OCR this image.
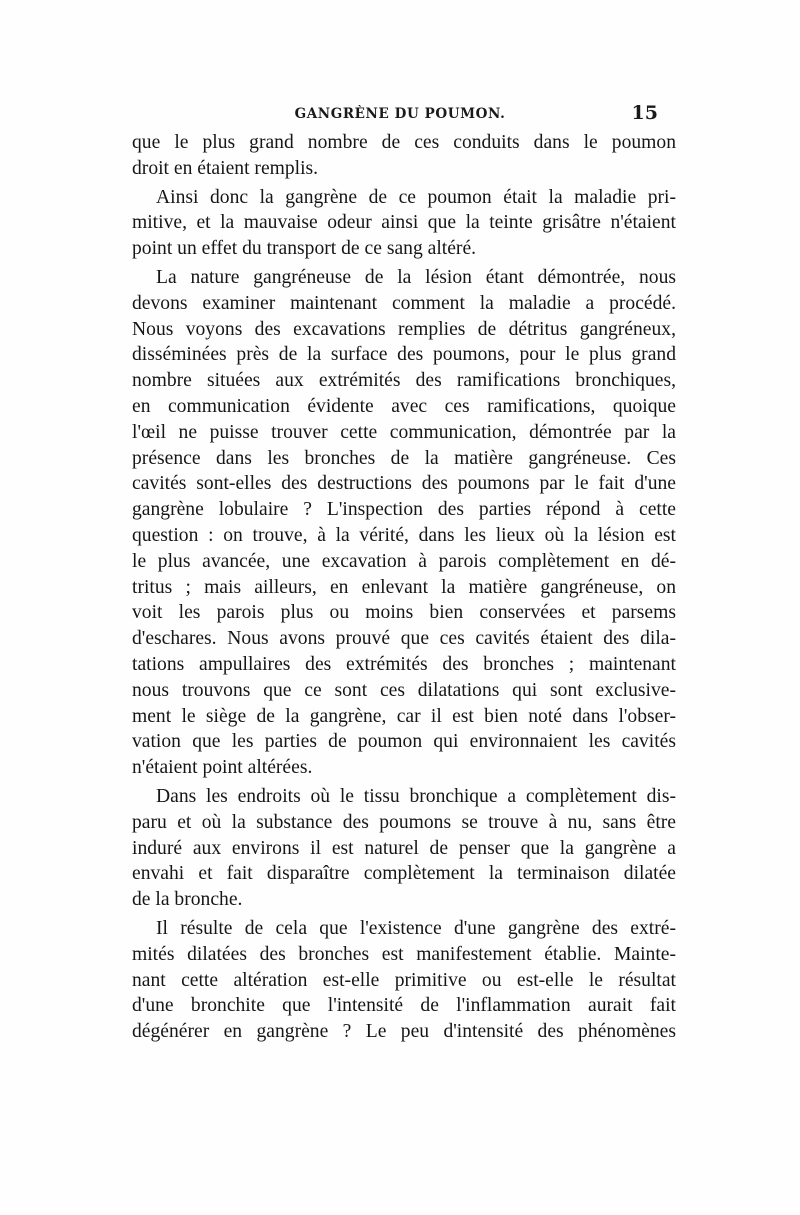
GANGRÈNE DU POUMON.	15
que le plus grand nombre de ces conduits dans le poumon
droit en étaient remplis.
Ainsi donc la gangrène de ce poumon était la maladie pri-
mitive, et la mauvaise odeur ainsi que la teinte grisâtre n'étaient
point un effet du transport de ce sang altéré.
La nature gangréneuse de la lésion étant démontrée, nous
devons examiner maintenant comment la maladie a procédé.
Nous voyons des excavations remplies de détritus gangréneux,
disséminées près de la surface des poumons, pour le plus grand
nombre situées aux extrémités des ramifications bronchiques,
en communication évidente avec ces ramifications, quoique
l'œil ne puisse trouver cette communication, démontrée par la
présence dans les bronches de la matière gangréneuse. Ces
cavités sont-elles des destructions des poumons par le fait d'une
gangrène lobulaire ? L'inspection des parties répond à cette
question : on trouve, à la vérité, dans les lieux où la lésion est
le plus avancée, une excavation à parois complètement en dé-
tritus ; mais ailleurs, en enlevant la matière gangréneuse, on
voit les parois plus ou moins bien conservées et parsems
d'eschares. Nous avons prouvé que ces cavités étaient des dila-
tations ampullaires des extrémités des bronches ; maintenant
nous trouvons que ce sont ces dilatations qui sont exclusive-
ment le siège de la gangrène, car il est bien noté dans l'obser-
vation que les parties de poumon qui environnaient les cavités
n'étaient point altérées.
Dans les endroits où le tissu bronchique a complètement dis-
paru et où la substance des poumons se trouve à nu, sans être
induré aux environs il est naturel de penser que la gangrène a
envahi et fait disparaître complètement la terminaison dilatée
de la bronche.
Il résulte de cela que l'existence d'une gangrène des extré-
mités dilatées des bronches est manifestement établie. Mainte-
nant cette altération est-elle primitive ou est-elle le résultat
d'une bronchite que l'intensité de l'inflammation aurait fait
dégénérer en gangrène ? Le peu d'intensité des phénomènes
